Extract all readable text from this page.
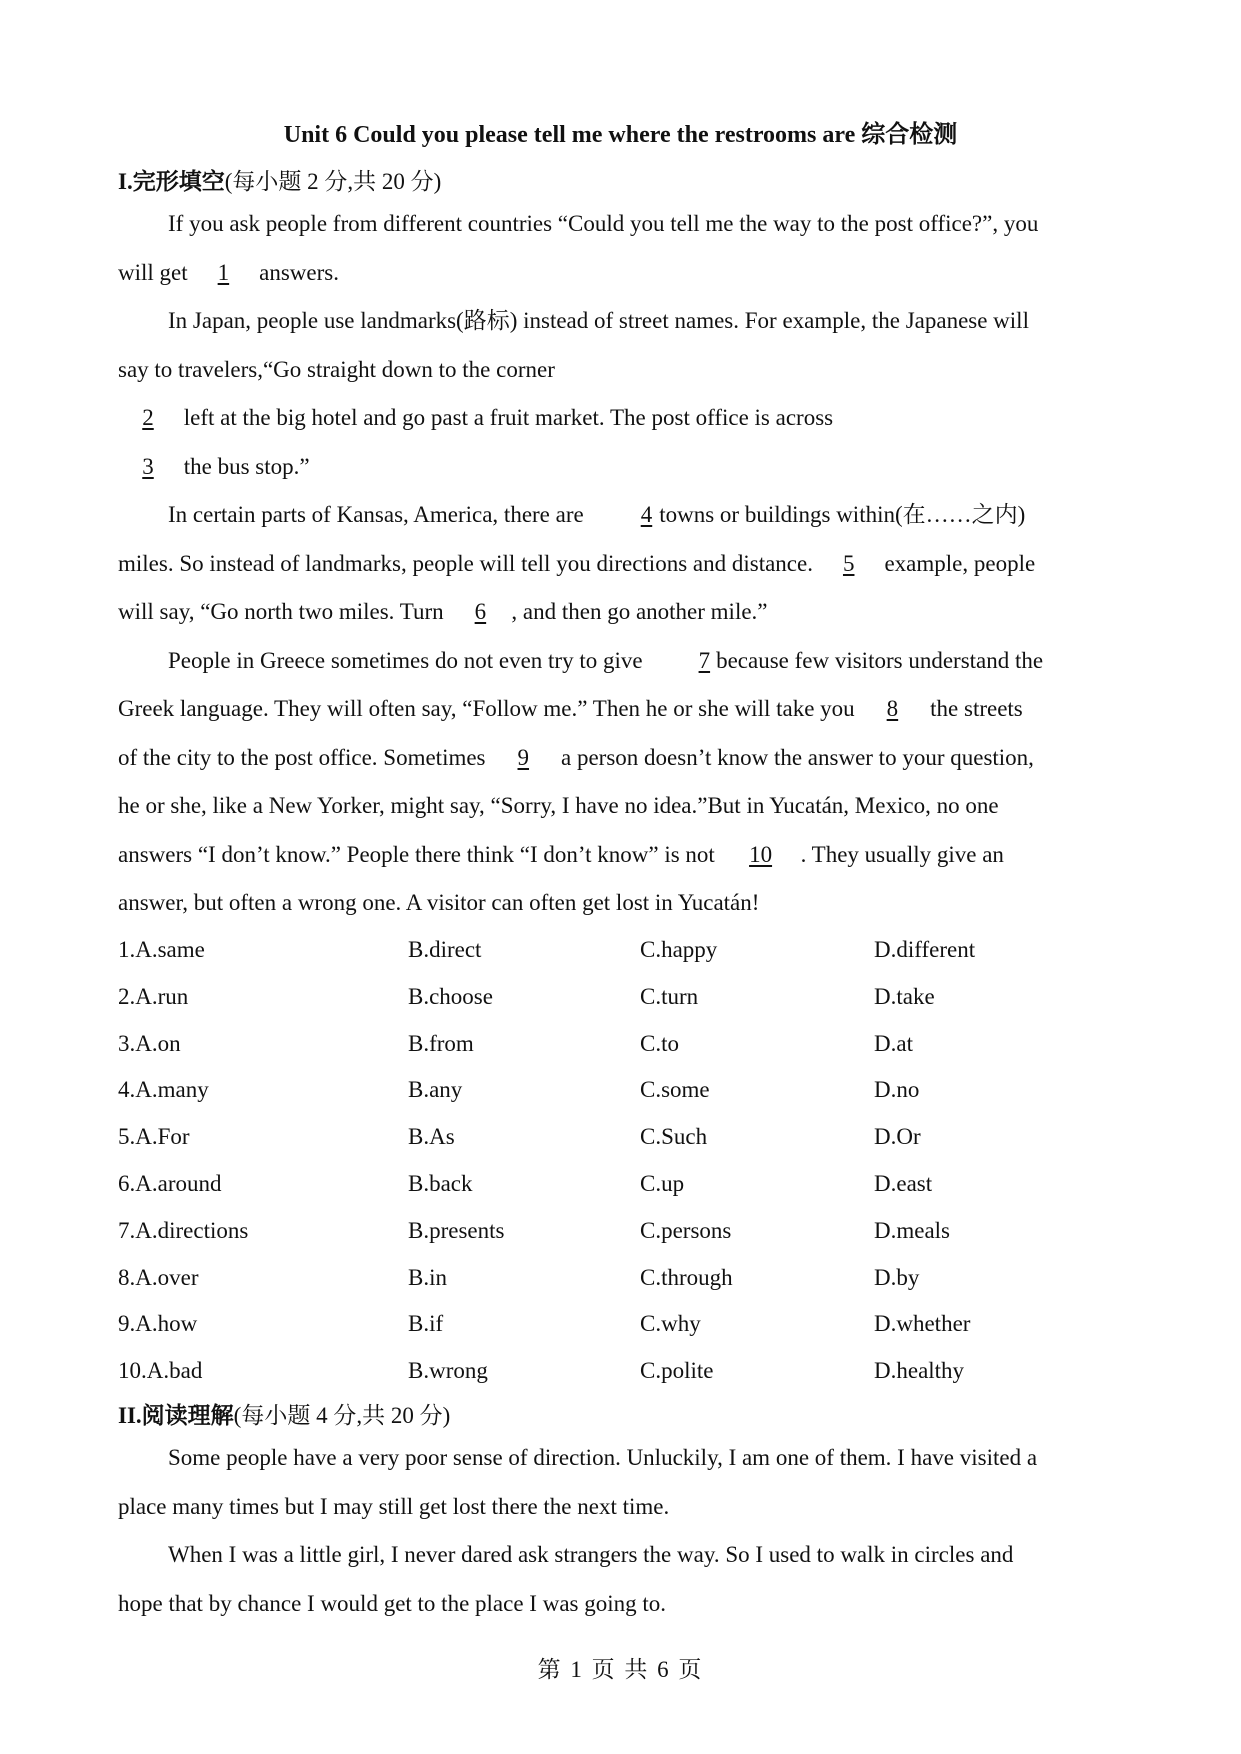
Unit 6 Could you please tell me where the restrooms are 综合检测
I.完形填空(每小题 2 分,共 20 分)
If you ask people from different countries “Could you tell me the way to the post office?”, you
will get 1 answers.
In Japan, people use landmarks(路标) instead of street names. For example, the Japanese will
say to travelers,“Go straight down to the corner
2 left at the big hotel and go past a fruit market. The post office is across
3 the bus stop.”
In certain parts of Kansas, America, there are 4 towns or buildings within(在……之内)
miles. So instead of landmarks, people will tell you directions and distance. 5 example, people
will say, “Go north two miles. Turn 6 , and then go another mile.”
People in Greece sometimes do not even try to give 7 because few visitors understand the
Greek language. They will often say, “Follow me.” Then he or she will take you 8 the streets
of the city to the post office. Sometimes 9 a person doesn’t know the answer to your question,
he or she, like a New Yorker, might say, “Sorry, I have no idea.”But in Yucatán, Mexico, no one
answers “I don’t know.” People there think “I don’t know” is not 10 . They usually give an
answer, but often a wrong one. A visitor can often get lost in Yucatán!
1.A.same	B.direct	C.happy	D.different
2.A.run	B.choose	C.turn	D.take
3.A.on	B.from	C.to	D.at
4.A.many	B.any	C.some	D.no
5.A.For	B.As	C.Such	D.Or
6.A.around	B.back	C.up	D.east
7.A.directions	B.presents	C.persons	D.meals
8.A.over	B.in	C.through	D.by
9.A.how	B.if	C.why	D.whether
10.A.bad	B.wrong	C.polite	D.healthy
II.阅读理解(每小题 4 分,共 20 分)
Some people have a very poor sense of direction. Unluckily, I am one of them. I have visited a
place many times but I may still get lost there the next time.
When I was a little girl, I never dared ask strangers the way. So I used to walk in circles and
hope that by chance I would get to the place I was going to.
第 1 页 共 6 页
